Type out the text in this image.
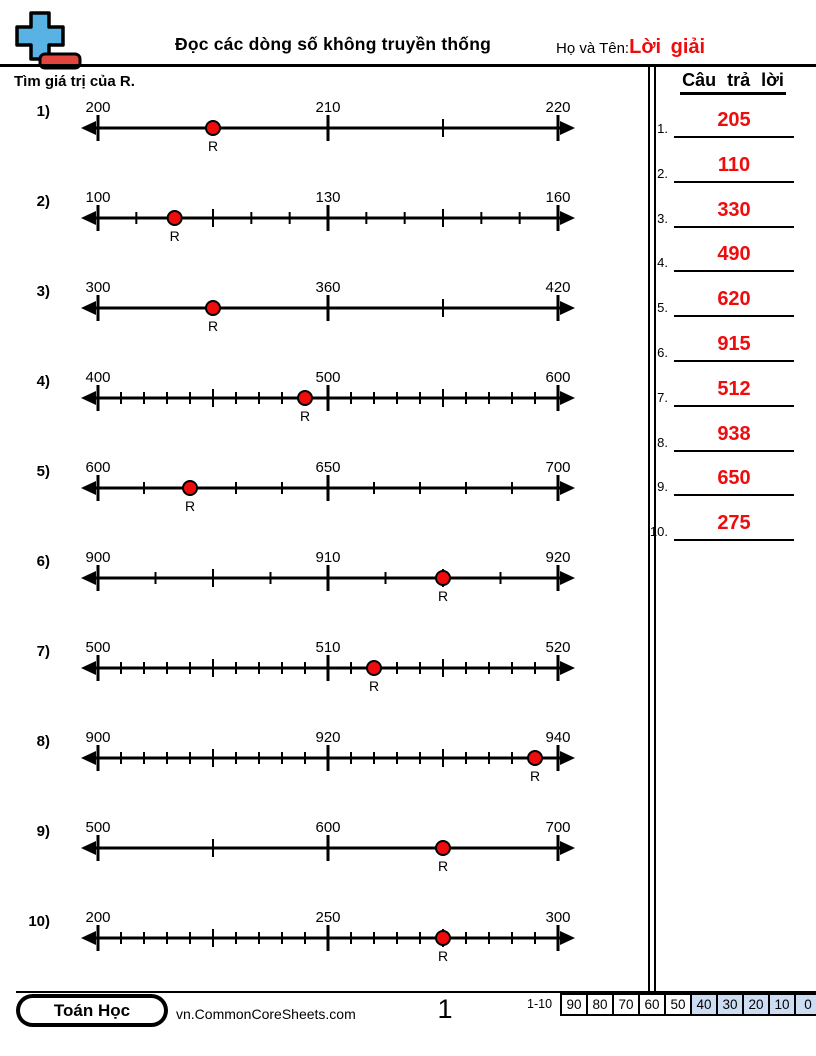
Đọc các dòng số không truyền thống	Họ và Tên:Lời giải
Tìm giá trị của R.
1) 200	210	220
R
2) 100	130	160
R
3) 300	360	420
R
4) 400	500	600
R
5) 600	650	700
R
6) 900	910	920
R
7) 500	510	520
R
8) 900	920	940
R
9) 500	600	700
R
10) 200	250	300
R
Câu trả lời
1.	205
2.	110
3.	330
4.	490
5.	620
6.	915
7.	512
8.	938
9.	650
10.	275
Toán Học	vn.CommonCoreSheets.com	1	1-10	90 80 70 60 50 40 30 20 10	0
